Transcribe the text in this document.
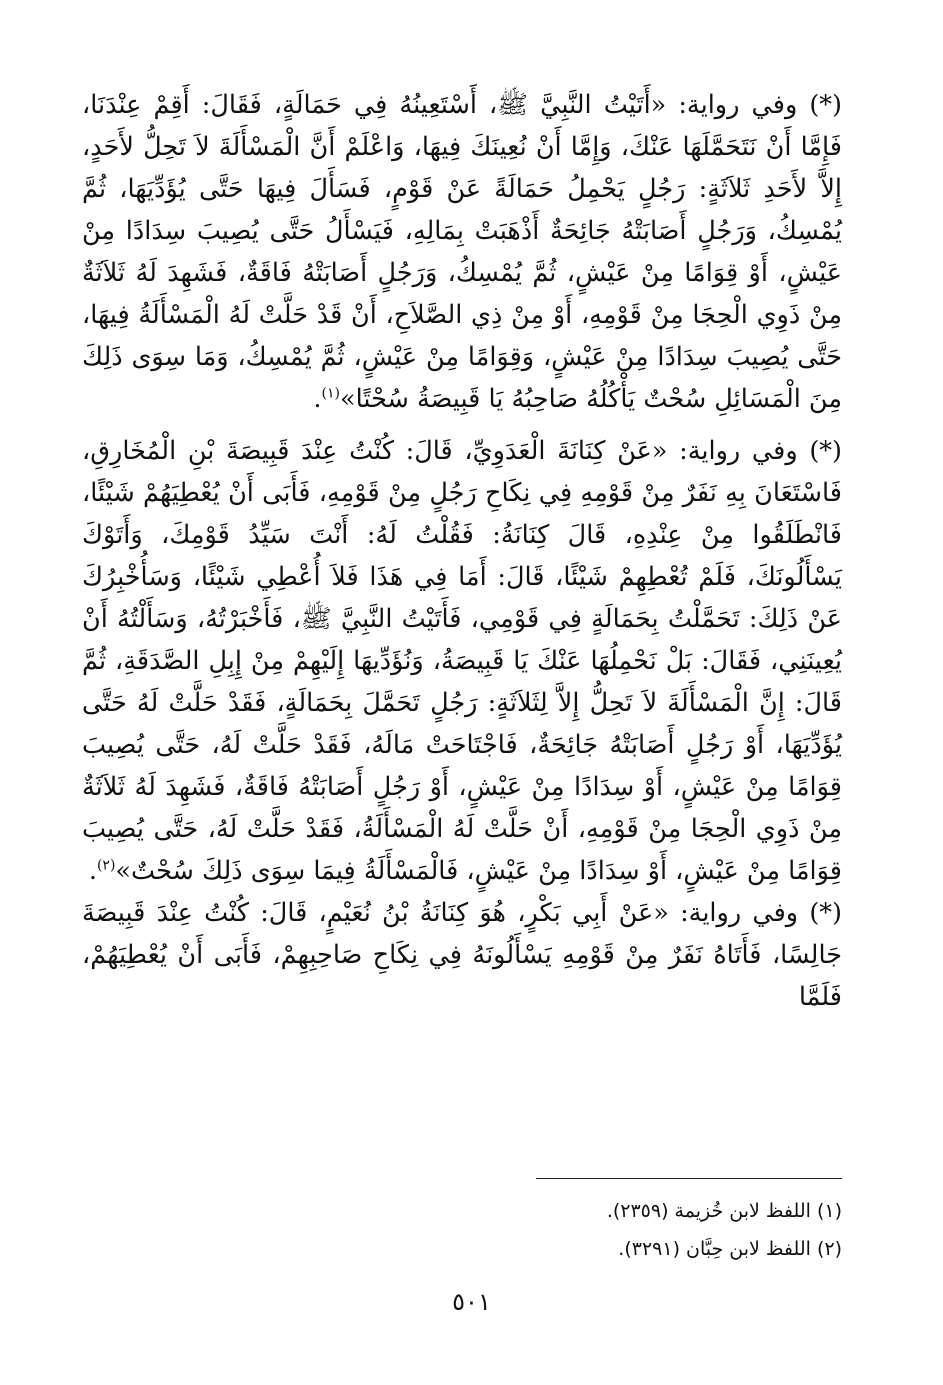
(*) وفي رواية: «أَتَيْتُ النَّبِيَّ ﷺ، أَسْتَعِينُهُ فِي حَمَالَةٍ، فَقَالَ: أَقِمْ عِنْدَنَا، فَإِمَّا أَنْ نَتَحَمَّلَهَا عَنْكَ، وَإِمَّا أَنْ نُعِينَكَ فِيهَا، وَاعْلَمْ أَنَّ الْمَسْأَلَةَ لاَ تَحِلُّ لأَحَدٍ، إِلاَّ لأَحَدِ ثَلاَثَةٍ: رَجُلٍ يَحْمِلُ حَمَالَةً عَنْ قَوْمٍ، فَسَأَلَ فِيهَا حَتَّى يُؤَدِّيَهَا، ثُمَّ يُمْسِكُ، وَرَجُلٍ أَصَابَتْهُ جَائِحَةٌ أَذْهَبَتْ بِمَالِهِ، فَيَسْأَلُ حَتَّى يُصِيبَ سِدَادًا مِنْ عَيْشٍ، أَوْ قِوَامًا مِنْ عَيْشٍ، ثُمَّ يُمْسِكُ، وَرَجُلٍ أَصَابَتْهُ فَاقَةٌ، فَشَهِدَ لَهُ ثَلاَثَةٌ مِنْ ذَوِي الْحِجَا مِنْ قَوْمِهِ، أَوْ مِنْ ذِي الصَّلاَحِ، أَنْ قَدْ حَلَّتْ لَهُ الْمَسْأَلَةُ فِيهَا، حَتَّى يُصِيبَ سِدَادًا مِنْ عَيْشٍ، وَقِوَامًا مِنْ عَيْشٍ، ثُمَّ يُمْسِكُ، وَمَا سِوَى ذَلِكَ مِنَ الْمَسَائِلِ سُحْتٌ يَأْكُلُهُ صَاحِبُهُ يَا قَبِيصَةُ سُحْتًا»$^{(١)}$.

(*) وفي رواية: «عَنْ كِنَانَةَ الْعَدَوِيِّ، قَالَ: كُنْتُ عِنْدَ قَبِيصَةَ بْنِ الْمُخَارِقِ، فَاسْتَعَانَ بِهِ نَفَرٌ مِنْ قَوْمِهِ فِي نِكَاحِ رَجُلٍ مِنْ قَوْمِهِ، فَأَبَى أَنْ يُعْطِيَهُمْ شَيْئًا، فَانْطَلَقُوا مِنْ عِنْدِهِ، قَالَ كِنَانَةُ: فَقُلْتُ لَهُ: أَنْتَ سَيِّدُ قَوْمِكَ، وَأَتَوْكَ يَسْأَلُونَكَ، فَلَمْ تُعْطِهِمْ شَيْئًا، قَالَ: أَمَا فِي هَذَا فَلاَ أُعْطِي شَيْئًا، وَسَأُخْبِرُكَ عَنْ ذَلِكَ: تَحَمَّلْتُ بِحَمَالَةٍ فِي قَوْمِي، فَأَتَيْتُ النَّبِيَّ ﷺ، فَأَخْبَرْتُهُ، وَسَأَلْتُهُ أَنْ يُعِينَنِي، فَقَالَ: بَلْ نَحْمِلُهَا عَنْكَ يَا قَبِيصَةُ، وَنُؤَدِّيهَا إِلَيْهِمْ مِنْ إِبِلِ الصَّدَقَةِ، ثُمَّ قَالَ: إِنَّ الْمَسْأَلَةَ لاَ تَحِلُّ إِلاَّ لِثَلاَثَةٍ: رَجُلٍ تَحَمَّلَ بِحَمَالَةٍ، فَقَدْ حَلَّتْ لَهُ حَتَّى يُؤَدِّيَهَا، أَوْ رَجُلٍ أَصَابَتْهُ جَائِحَةٌ، فَاجْتَاحَتْ مَالَهُ، فَقَدْ حَلَّتْ لَهُ، حَتَّى يُصِيبَ قِوَامًا مِنْ عَيْشٍ، أَوْ سِدَادًا مِنْ عَيْشٍ، أَوْ رَجُلٍ أَصَابَتْهُ فَاقَةٌ، فَشَهِدَ لَهُ ثَلاَثَةٌ مِنْ ذَوِي الْحِجَا مِنْ قَوْمِهِ، أَنْ حَلَّتْ لَهُ الْمَسْأَلَةُ، فَقَدْ حَلَّتْ لَهُ، حَتَّى يُصِيبَ قِوَامًا مِنْ عَيْشٍ، أَوْ سِدَادًا مِنْ عَيْشٍ، فَالْمَسْأَلَةُ فِيمَا سِوَى ذَلِكَ سُحْتٌ»$^{(٢)}$.

(*) وفي رواية: «عَنْ أَبِي بَكْرٍ، هُوَ كِنَانَةُ بْنُ نُعَيْمٍ، قَالَ: كُنْتُ عِنْدَ قَبِيصَةَ جَالِسًا، فَأَتَاهُ نَفَرٌ مِنْ قَوْمِهِ يَسْأَلُونَهُ فِي نِكَاحِ صَاحِبِهِمْ، فَأَبَى أَنْ يُعْطِيَهُمْ، فَلَمَّا

(١) اللفظ لابن خُزيمة (٢٣٥٩).

(٢) اللفظ لابن حِبَّان (٣٢٩١).

٥٠١
